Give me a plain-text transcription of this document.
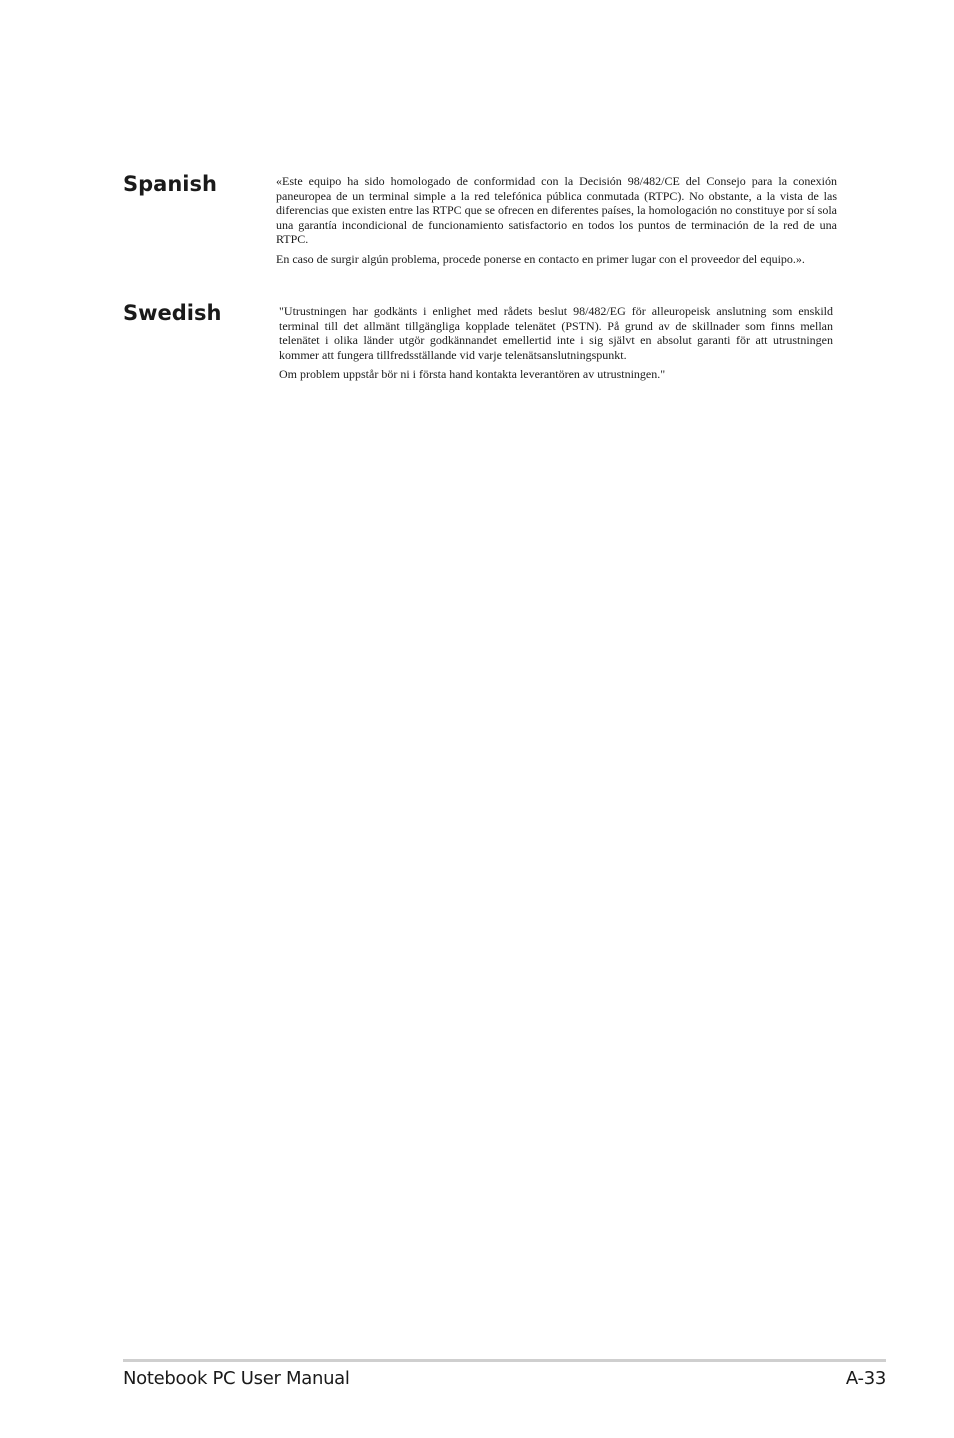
Spanish	«Este equipo ha sido homologado de conformidad con la Decisión 98/482/CE del Consejo para la conexión paneuropea de un terminal simple a la red telefónica pública conmutada (RTPC). No obstante, a la vista de las diferencias que existen entre las RTPC que se ofrecen en diferentes países, la homologación no constituye por sí sola una garantía incondicional de funcionamiento satisfactorio en todos los puntos de terminación de la red de una RTPC.

En caso de surgir algún problema, procede ponerse en contacto en primer lugar con el proveedor del equipo.».

Swedish	"Utrustningen har godkänts i enlighet med rådets beslut 98/482/EG för alleuropeisk anslutning som enskild terminal till det allmänt tillgängliga kopplade telenätet (PSTN). På grund av de skillnader som finns mellan telenätet i olika länder utgör godkännandet emellertid inte i sig självt en absolut garanti för att utrustningen kommer att fungera tillfredsställande vid varje telenätsanslutningspunkt.

Om problem uppstår bör ni i första hand kontakta leverantören av utrustningen."

Notebook PC User Manual	A-33
